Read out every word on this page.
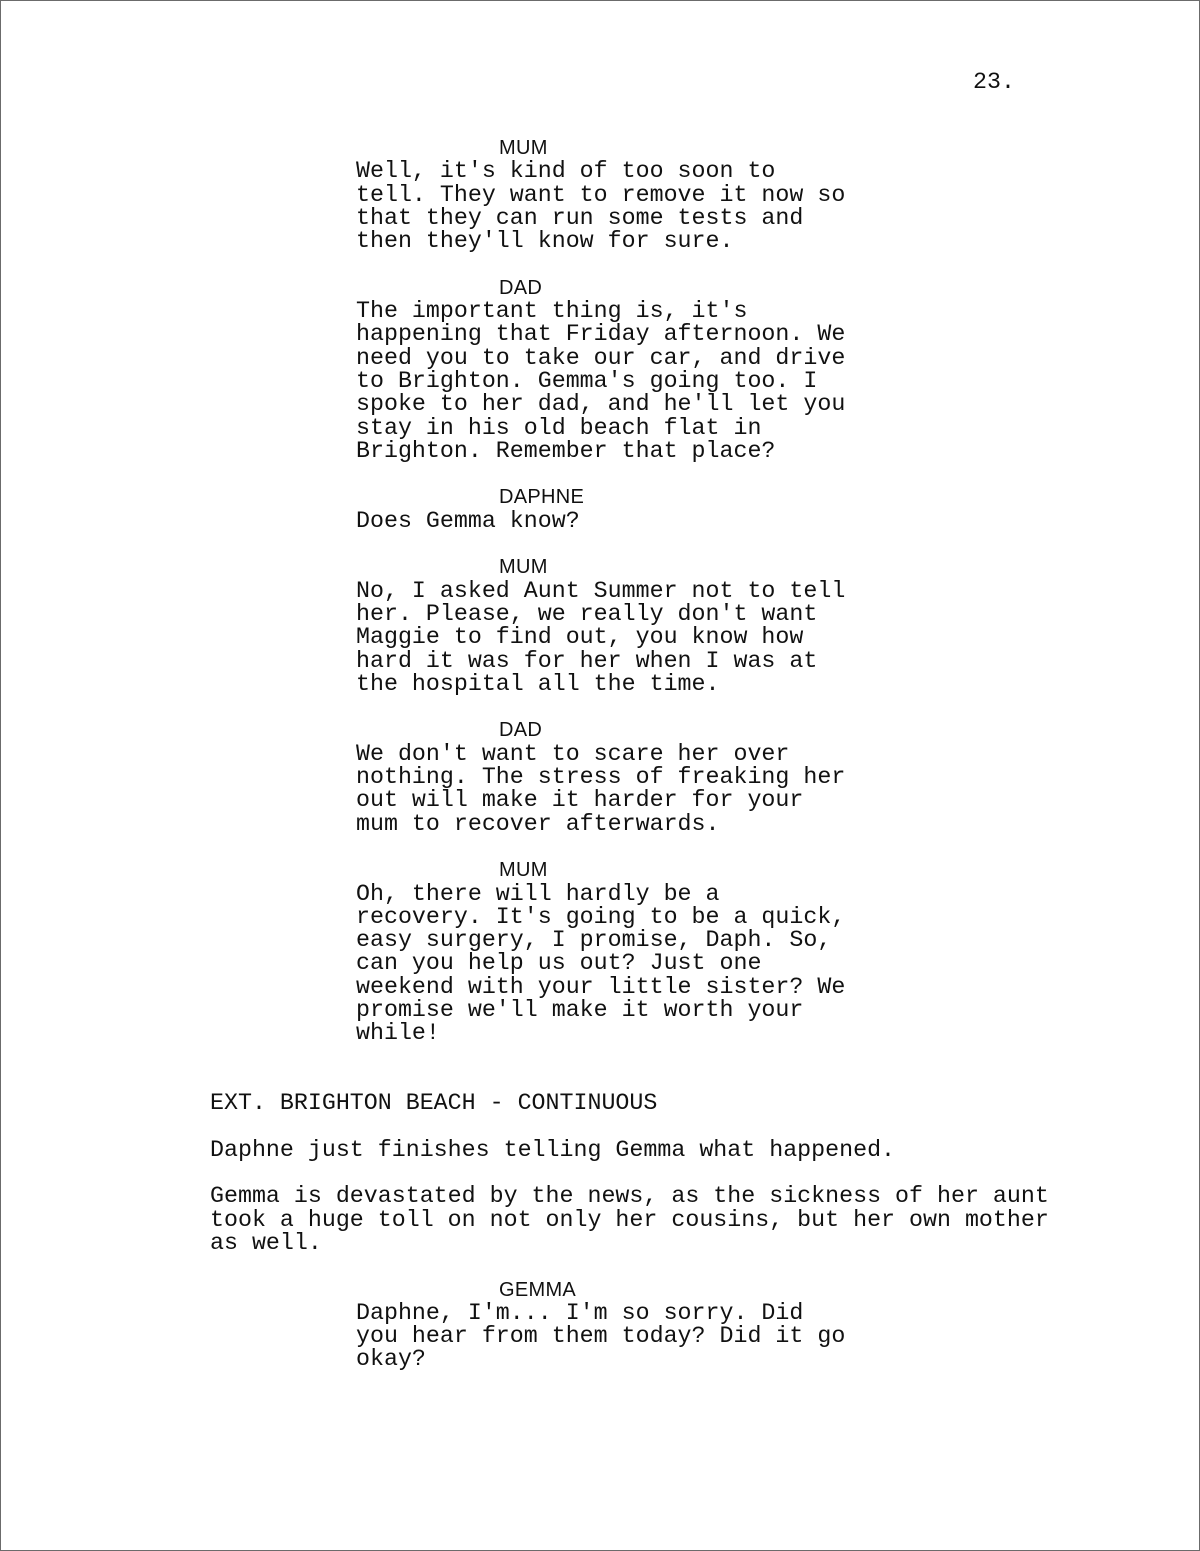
23.
MUM
Well, it's kind of too soon to
tell. They want to remove it now so
that they can run some tests and
then they'll know for sure.
DAD
The important thing is, it's
happening that Friday afternoon. We
need you to take our car, and drive
to Brighton. Gemma's going too. I
spoke to her dad, and he'll let you
stay in his old beach flat in
Brighton. Remember that place?
DAPHNE
Does Gemma know?
MUM
No, I asked Aunt Summer not to tell
her. Please, we really don't want
Maggie to find out, you know how
hard it was for her when I was at
the hospital all the time.
DAD
We don't want to scare her over
nothing. The stress of freaking her
out will make it harder for your
mum to recover afterwards.
MUM
Oh, there will hardly be a
recovery. It's going to be a quick,
easy surgery, I promise, Daph. So,
can you help us out? Just one
weekend with your little sister? We
promise we'll make it worth your
while!
EXT. BRIGHTON BEACH - CONTINUOUS
Daphne just finishes telling Gemma what happened.
Gemma is devastated by the news, as the sickness of her aunt
took a huge toll on not only her cousins, but her own mother
as well.
GEMMA
Daphne, I'm... I'm so sorry. Did
you hear from them today? Did it go
okay?
